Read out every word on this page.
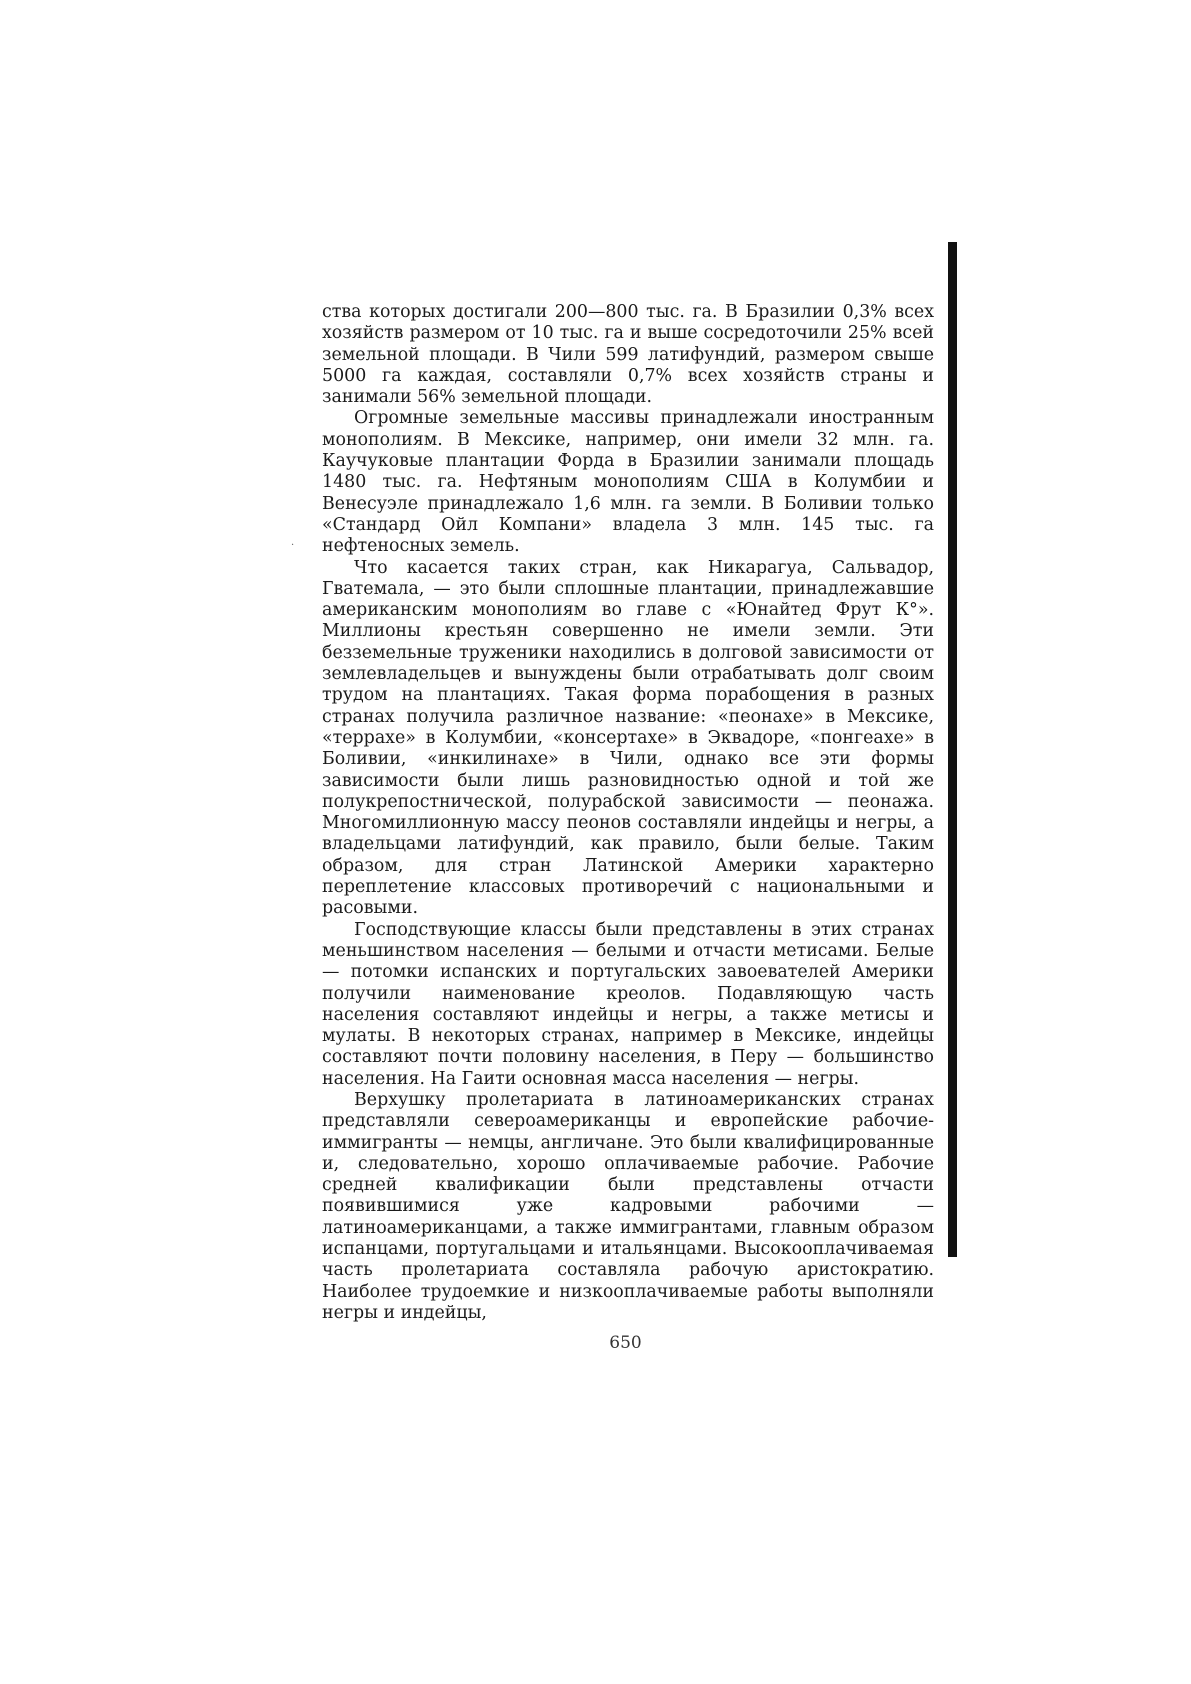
·

ства которых достигали 200—800 тыс. га. В Бразилии 0,3% всех хозяйств размером от 10 тыс. га и выше сосредоточили 25% всей земельной площади. В Чили 599 латифундий, размером свыше 5000 га каждая, составляли 0,7% всех хозяйств страны и занимали 56% земельной площади.

Огромные земельные массивы принадлежали иностранным монополиям. В Мексике, например, они имели 32 млн. га. Каучуковые плантации Форда в Бразилии занимали площадь 1480 тыс. га. Нефтяным монополиям США в Колумбии и Венесуэле принадлежало 1,6 млн. га земли. В Боливии только «Стандард Ойл Компани» владела 3 млн. 145 тыс. га нефтеносных земель.

Что касается таких стран, как Никарагуа, Сальвадор, Гватемала, — это были сплошные плантации, принадлежавшие американским монополиям во главе с «Юнайтед Фрут К°». Миллионы крестьян совершенно не имели земли. Эти безземельные труженики находились в долговой зависимости от землевладельцев и вынуждены были отрабатывать долг своим трудом на плантациях. Такая форма порабощения в разных странах получила различное название: «пеонахе» в Мексике, «террахе» в Колумбии, «консертахе» в Эквадоре, «понгеахе» в Боливии, «инкилинахе» в Чили, однако все эти формы зависимости были лишь разновидностью одной и той же полукрепостнической, полурабской зависимости — пеонажа. Многомиллионную массу пеонов составляли индейцы и негры, а владельцами латифундий, как правило, были белые. Таким образом, для стран Латинской Америки характерно переплетение классовых противоречий с национальными и расовыми.

Господствующие классы были представлены в этих странах меньшинством населения — белыми и отчасти метисами. Белые — потомки испанских и португальских завоевателей Америки получили наименование креолов. Подавляющую часть населения составляют индейцы и негры, а также метисы и мулаты. В некоторых странах, например в Мексике, индейцы составляют почти половину населения, в Перу — большинство населения. На Гаити основная масса населения — негры.

Верхушку пролетариата в латиноамериканских странах представляли североамериканцы и европейские рабочие-иммигранты — немцы, англичане. Это были квалифицированные и, следовательно, хорошо оплачиваемые рабочие. Рабочие средней квалификации были представлены отчасти появившимися уже кадровыми рабочими — латиноамериканцами, а также иммигрантами, главным образом испанцами, португальцами и итальянцами. Высокооплачиваемая часть пролетариата составляла рабочую аристократию. Наиболее трудоемкие и низкооплачиваемые работы выполняли негры и индейцы,

650
